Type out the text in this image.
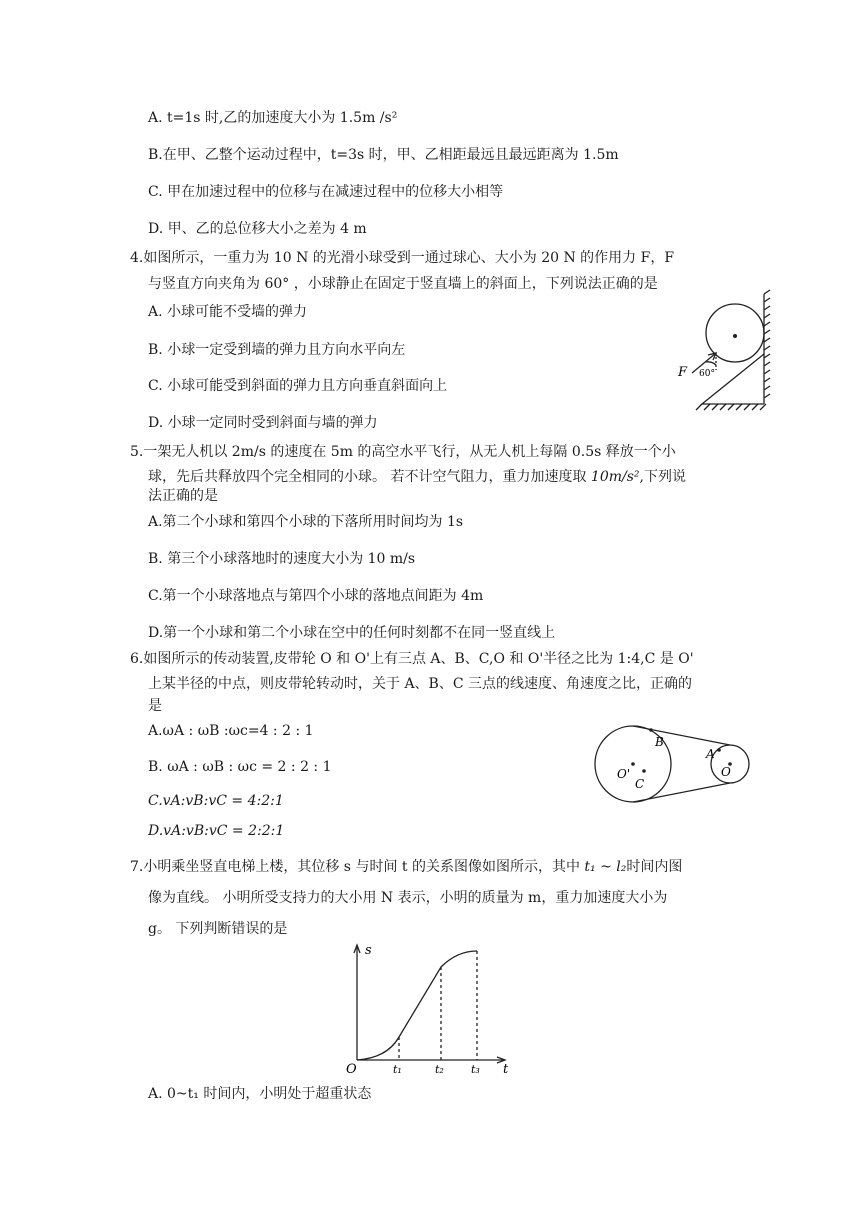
A. t=1s 时,乙的加速度大小为 1.5m /s²
B.在甲、乙整个运动过程中，t=3s 时，甲、乙相距最远且最远距离为 1.5m
C. 甲在加速过程中的位移与在减速过程中的位移大小相等
D. 甲、乙的总位移大小之差为 4 m
4.如图所示，一重力为 10 N 的光滑小球受到一通过球心、大小为 20 N 的作用力 F，F
与竖直方向夹角为 60° ，小球静止在固定于竖直墙上的斜面上，下列说法正确的是
A. 小球可能不受墙的弹力
B. 小球一定受到墙的弹力且方向水平向左
C. 小球可能受到斜面的弹力且方向垂直斜面向上
D. 小球一定同时受到斜面与墙的弹力
F 60°
5.一架无人机以 2m/s 的速度在 5m 的高空水平飞行，从无人机上每隔 0.5s 释放一个小
球，先后共释放四个完全相同的小球。 若不计空气阻力，重力加速度取 10m/s²,下列说
法正确的是
A.第二个小球和第四个小球的下落所用时间均为 1s
B. 第三个小球落地时的速度大小为 10 m/s
C.第一个小球落地点与第四个小球的落地点间距为 4m
D.第一个小球和第二个小球在空中的任何时刻都不在同一竖直线上
6.如图所示的传动装置,皮带轮 O 和 O'上有三点 A、B、C,O 和 O'半径之比为 1:4,C 是 O'
上某半径的中点，则皮带轮转动时，关于 A、B、C 三点的线速度、角速度之比，正确的
是
A.ωA : ωB :ωc=4 : 2 : 1
B. ωA : ωB : ωc = 2 : 2 : 1
C.vA:vB:vC = 4:2:1
D.vA:vB:vC = 2:2:1
B
A
O'
C
O
7.小明乘坐竖直电梯上楼，其位移 s 与时间 t 的关系图像如图所示，其中 t₁ ~ l₂时间内图
像为直线。 小明所受支持力的大小用 N 表示，小明的质量为 m，重力加速度大小为
g。 下列判断错误的是
s
t
O	t₁	t₂ t₃
A. 0~t₁ 时间内，小明处于超重状态
